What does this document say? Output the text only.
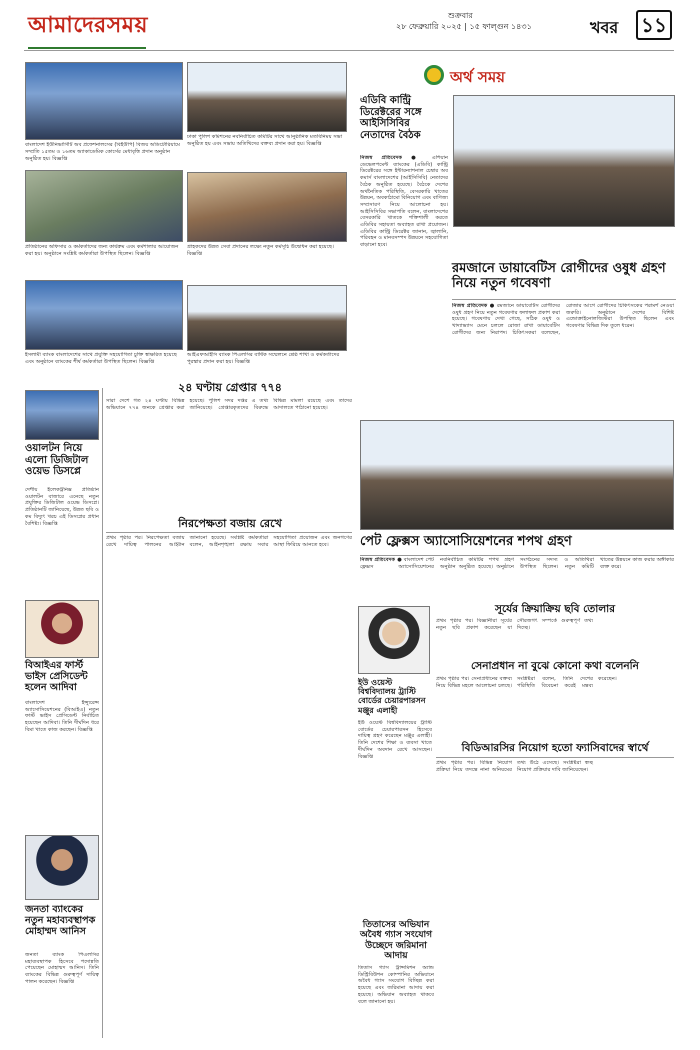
আমাদেরসময়	শুক্রবার
২৮ ফেব্রুয়ারি ২০২৫ | ১৫ ফাল্গুন ১৪৩১	খবর ১১
বাংলাদেশ ইউনিভার্সিটি অব প্রফেশনালসের (বিইউপি) বিজয় অডিটোরিয়ামে সম্প্রতি ১৫তম ও ১৬তম অ্যাকাডেমিক কোর্সের মেধাবৃত্তি প্রদান অনুষ্ঠান অনুষ্ঠিত হয়। বিজ্ঞপ্তি
ঢাকা পুলিশ কমিশনের নবনির্বাচিত কমিটির সাথে আনুষ্ঠানিক মতবিনিময় সভা অনুষ্ঠিত হয় এবং সভায় অতিথিদের বক্তব্য প্রদান করা হয়। বিজ্ঞপ্তি
প্রতিষ্ঠানের অফিসার ও কর্মকর্তাদের জন্য কার্যক্রম এবং কর্মশালার আয়োজন করা হয়। অনুষ্ঠানে সংশ্লিষ্ট কর্মকর্তারা উপস্থিত ছিলেন। বিজ্ঞপ্তি
গ্রাহকদের উন্নত সেবা প্রদানের লক্ষ্যে নতুন কর্মসূচি উদ্বোধন করা হয়েছে। বিজ্ঞপ্তি
ইসলামী ব্যাংক বাংলাদেশের সাথে প্রযুক্তি সহযোগিতা চুক্তি স্বাক্ষরিত হয়েছে এবং অনুষ্ঠানে ব্যাংকের শীর্ষ কর্মকর্তারা উপস্থিত ছিলেন। বিজ্ঞপ্তি
আইএফআইসি ব্যাংক পিএলসির বার্ষিক সম্মেলনে শ্রেষ্ঠ শাখা ও কর্মকর্তাদের পুরস্কার প্রদান করা হয়। বিজ্ঞপ্তি
অর্থ সময়
এডিবি কান্ট্রি ডিরেক্টরের সঙ্গে আইসিসিবির নেতাদের বৈঠক
নিজস্ব প্রতিবেদক ● এশিয়ান ডেভেলপমেন্ট ব্যাংকের (এডিবি) কান্ট্রি ডিরেক্টরের সঙ্গে ইন্টারন্যাশনাল চেম্বার অব কমার্স বাংলাদেশের (আইসিসিবি) নেতাদের বৈঠক অনুষ্ঠিত হয়েছে। বৈঠকে দেশের অর্থনৈতিক পরিস্থিতি, বেসরকারি খাতের উন্নয়ন, অবকাঠামো বিনিয়োগ এবং বাণিজ্য সম্প্রসারণ নিয়ে আলোচনা হয়। আইসিসিবির সভাপতি বলেন, বাংলাদেশের বেসরকারি খাতকে শক্তিশালী করতে এডিবির সহায়তা অব্যাহত রাখা প্রয়োজন। এডিবির কান্ট্রি ডিরেক্টর জানান, জ্বালানি, পরিবহন ও মানবসম্পদ উন্নয়নে সহযোগিতা বাড়ানো হবে।
রমজানে ডায়াবেটিস রোগীদের ওষুধ গ্রহণ নিয়ে নতুন গবেষণা
নিজস্ব প্রতিবেদক ● রমজানে ডায়াবেটিস রোগীদের ওষুধ গ্রহণ নিয়ে নতুন গবেষণার ফলাফল প্রকাশ করা হয়েছে। গবেষণায় দেখা গেছে, সঠিক ওষুধ ও খাদ্যাভ্যাস মেনে চললে রোজা রাখা ডায়াবেটিস রোগীদের জন্য নিরাপদ। চিকিৎসকরা বলেছেন, রোজার আগে রোগীদের চিকিৎসকের পরামর্শ নেওয়া জরুরি। অনুষ্ঠানে দেশের বিশিষ্ট এন্ডোক্রাইনোলজিস্টরা উপস্থিত ছিলেন এবং গবেষণার বিভিন্ন দিক তুলে ধরেন।
পেট ফ্লেক্সস অ্যাসোসিয়েশনের শপথ গ্রহণ
নিজস্ব প্রতিবেদক ● বাংলাদেশ পেট ফ্লেক্সস অ্যাসোসিয়েশনের নবনির্বাচিত কমিটির শপথ গ্রহণ অনুষ্ঠান অনুষ্ঠিত হয়েছে। অনুষ্ঠানে সংগঠনের সদস্য ও অতিথিরা উপস্থিত ছিলেন। নতুন কমিটি খাতের উন্নয়নে কাজ করার অঙ্গীকার ব্যক্ত করে।
ওয়ালটন নিয়ে এলো ডিজিটাল ওয়েভ ডিসপ্লে
দেশীয় ইলেকট্রনিক্স প্রতিষ্ঠান ওয়ালটন বাজারে এনেছে নতুন প্রযুক্তির ডিজিটাল ওয়েভ ডিসপ্লে। প্রতিষ্ঠানটি জানিয়েছে, উন্নত ছবি ও কম বিদ্যুৎ খরচ এই ডিসপ্লের প্রধান বৈশিষ্ট্য। বিজ্ঞপ্তি
বিআইএর ফার্স্ট ভাইস প্রেসিডেন্ট হলেন আদিবা
বাংলাদেশ ইন্স্যুরেন্স অ্যাসোসিয়েশনের (বিআইএ) নতুন ফার্স্ট ভাইস প্রেসিডেন্ট নির্বাচিত হয়েছেন আদিবা। তিনি দীর্ঘদিন ধরে বিমা খাতে কাজ করছেন। বিজ্ঞপ্তি
জনতা ব্যাংকের নতুন মহাব্যবস্থাপক মোহাম্মদ আনিস
জনতা ব্যাংক পিএলসির মহাব্যবস্থাপক হিসেবে পদোন্নতি পেয়েছেন মোহাম্মদ আনিস। তিনি ব্যাংকের বিভিন্ন গুরুত্বপূর্ণ দায়িত্ব পালন করেছেন। বিজ্ঞপ্তি
২৪ ঘণ্টায় গ্রেপ্তার ৭৭৪
সারা দেশে গত ২৪ ঘণ্টায় বিভিন্ন অভিযানে ৭৭৪ জনকে গ্রেপ্তার করা হয়েছে। পুলিশ সদর দপ্তর এ তথ্য জানিয়েছে। গ্রেপ্তারকৃতদের বিরুদ্ধে বিভিন্ন মামলা রয়েছে এবং তাদের আদালতে পাঠানো হয়েছে।
নিরপেক্ষতা বজায় রেখে
প্রথম পৃষ্ঠার পর। নিরপেক্ষতা বজায় রেখে দায়িত্ব পালনের আহ্বান জানানো হয়েছে। সংশ্লিষ্ট কর্মকর্তারা বলেন, আইনশৃঙ্খলা রক্ষায় সবার সহযোগিতা প্রয়োজন এবং জনগণের আস্থা ফিরিয়ে আনতে হবে।
ইউ ওয়েস্ট বিশ্ববিদ্যালয় ট্রাস্টি বোর্ডের চেয়ারপারসন মঞ্জুর এলাহী
ইউ ওয়েস্ট বিশ্ববিদ্যালয়ের ট্রাস্টি বোর্ডের চেয়ারপারসন হিসেবে দায়িত্ব গ্রহণ করেছেন মঞ্জুর এলাহী। তিনি দেশের শিক্ষা ও ব্যবসা খাতে দীর্ঘদিন অবদান রেখে আসছেন। বিজ্ঞপ্তি
তিতাসের অভিযান অবৈধ গ্যাস সংযোগ উচ্ছেদে জরিমানা আদায়
তিতাস গ্যাস ট্রান্সমিশন অ্যান্ড ডিস্ট্রিবিউশন কোম্পানির অভিযানে অবৈধ গ্যাস সংযোগ বিচ্ছিন্ন করা হয়েছে এবং জরিমানা আদায় করা হয়েছে। অভিযান অব্যাহত থাকবে বলে জানানো হয়।
সূর্যের ক্রিয়াক্রিয় ছবি তোলার
প্রথম পৃষ্ঠার পর। বিজ্ঞানীরা সূর্যের নতুন ছবি প্রকাশ করেছেন যা সৌরজগৎ সম্পর্কে গুরুত্বপূর্ণ তথ্য দিচ্ছে।
সেনাপ্রধান না বুঝে কোনো কথা বলেননি
প্রথম পৃষ্ঠার পর। সেনাপ্রধানের বক্তব্য নিয়ে বিভিন্ন মহলে আলোচনা চলছে। সংশ্লিষ্টরা বলেন, তিনি দেশের পরিস্থিতি বিবেচনা করেই মন্তব্য করেছেন।
বিডিআরসির নিয়োগ হতো ফ্যাসিবাদের স্বার্থে
প্রথম পৃষ্ঠার পর। বিভিন্ন নিয়োগ প্রক্রিয়া নিয়ে তদন্তে নানা অনিয়মের তথ্য উঠে এসেছে। সংশ্লিষ্টরা স্বচ্ছ নিয়োগ প্রক্রিয়ার দাবি জানিয়েছেন।
